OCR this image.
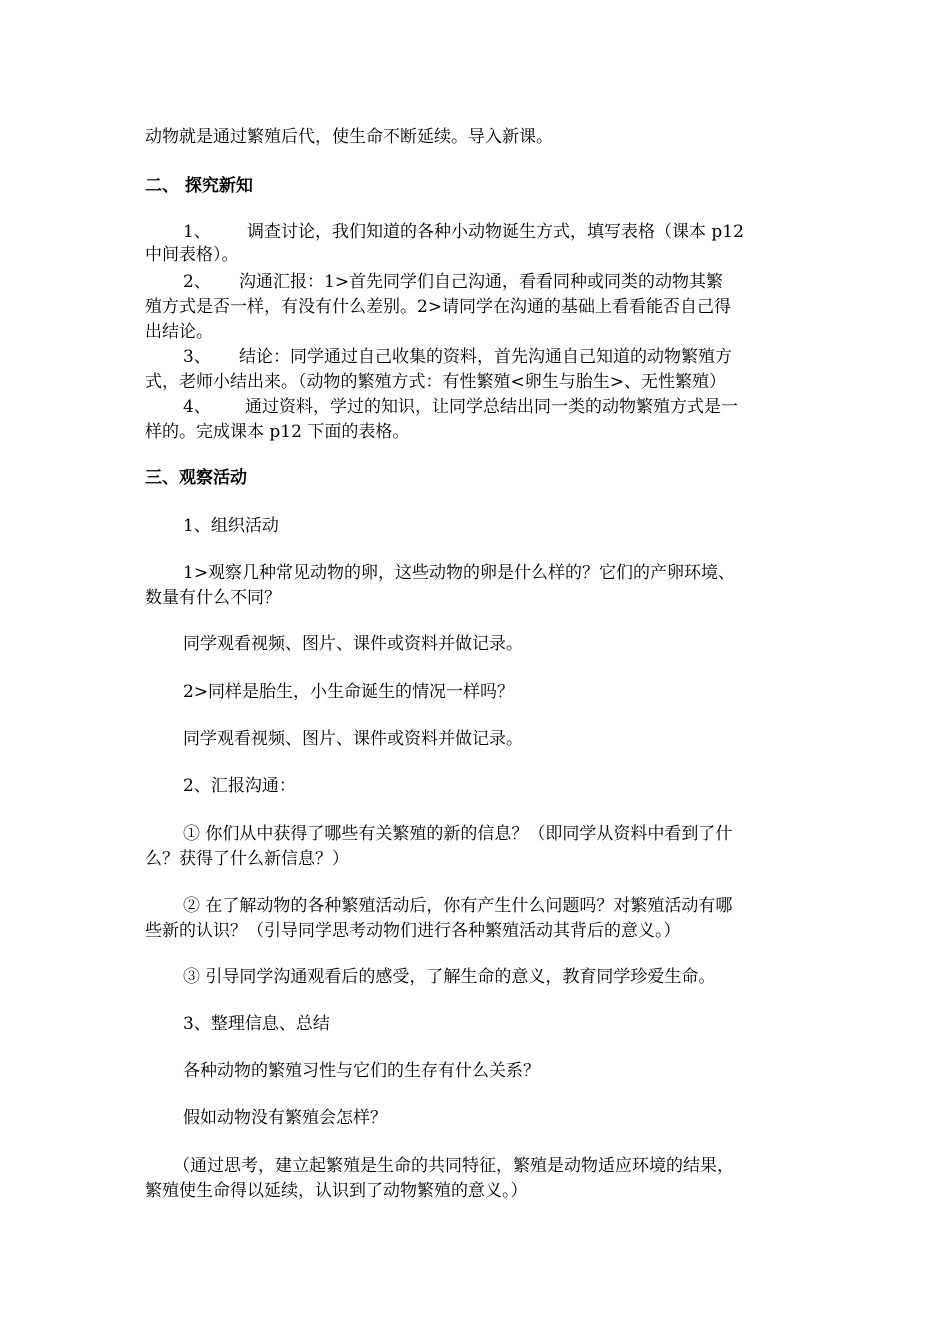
动物就是通过繁殖后代，使生命不断延续。导入新课。
二、 探究新知
1、 调查讨论，我们知道的各种小动物诞生方式，填写表格（课本 p12
中间表格）。
2、 沟通汇报：1>首先同学们自己沟通，看看同种或同类的动物其繁
殖方式是否一样，有没有什么差别。2>请同学在沟通的基础上看看能否自己得
出结论。
3、 结论：同学通过自己收集的资料，首先沟通自己知道的动物繁殖方
式，老师小结出来。（动物的繁殖方式：有性繁殖<卵生与胎生>、无性繁殖）
4、 通过资料，学过的知识，让同学总结出同一类的动物繁殖方式是一
样的。完成课本 p12 下面的表格。
三、观察活动
1、组织活动
1>观察几种常见动物的卵，这些动物的卵是什么样的？它们的产卵环境、
数量有什么不同？
同学观看视频、图片、课件或资料并做记录。
2>同样是胎生，小生命诞生的情况一样吗？
同学观看视频、图片、课件或资料并做记录。
2、汇报沟通：
① 你们从中获得了哪些有关繁殖的新的信息？（即同学从资料中看到了什
么？获得了什么新信息？）
② 在了解动物的各种繁殖活动后，你有产生什么问题吗？对繁殖活动有哪
些新的认识？（引导同学思考动物们进行各种繁殖活动其背后的意义。）
③ 引导同学沟通观看后的感受，了解生命的意义，教育同学珍爱生命。
3、整理信息、总结
各种动物的繁殖习性与它们的生存有什么关系？
假如动物没有繁殖会怎样？
（通过思考，建立起繁殖是生命的共同特征，繁殖是动物适应环境的结果，
繁殖使生命得以延续，认识到了动物繁殖的意义。）
